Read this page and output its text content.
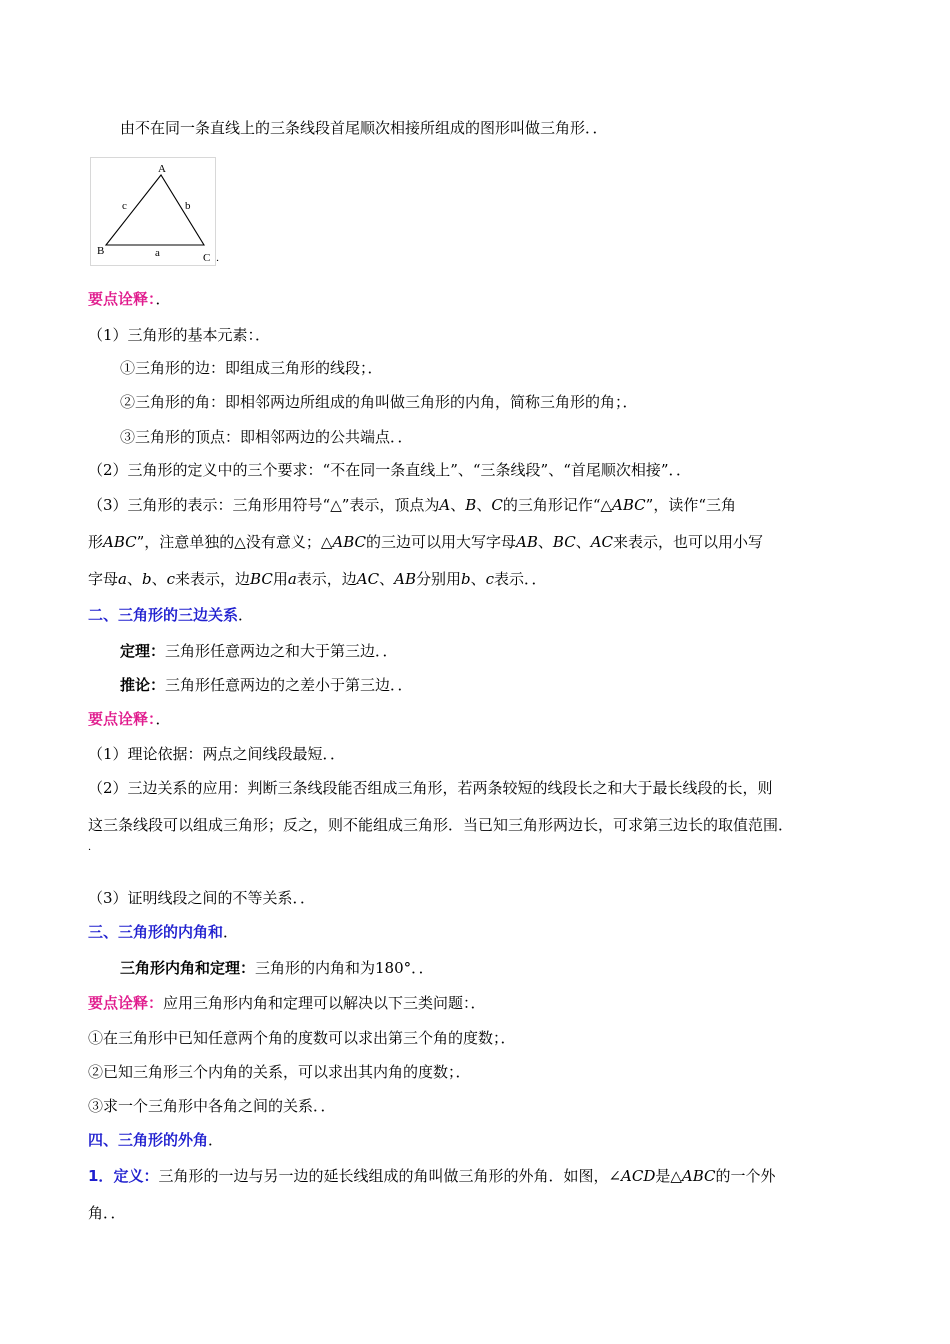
由不在同一条直线上的三条线段首尾顺次相接所组成的图形叫做三角形．．
A
B
C
a
b
c
．
要点诠释：．
（1）三角形的基本元素：．
①三角形的边：即组成三角形的线段；．
②三角形的角：即相邻两边所组成的角叫做三角形的内角，简称三角形的角；．
③三角形的顶点：即相邻两边的公共端点．．
（2）三角形的定义中的三个要求：“不在同一条直线上”、“三条线段”、“首尾顺次相接”．．
（3）三角形的表示：三角形用符号“△”表示，顶点为A、B、C的三角形记作“△ABC”，读作“三角
形ABC”，注意单独的△没有意义；△ABC的三边可以用大写字母AB、BC、AC来表示，也可以用小写
字母a、b、c来表示，边BC用a表示，边AC、AB分别用b、c表示．．
二、三角形的三边关系．
定理：三角形任意两边之和大于第三边．．
推论：三角形任意两边的之差小于第三边．．
要点诠释：．
（1）理论依据：两点之间线段最短．．
（2）三边关系的应用：判断三条线段能否组成三角形，若两条较短的线段长之和大于最长线段的长，则
这三条线段可以组成三角形；反之，则不能组成三角形．当已知三角形两边长，可求第三边长的取值范围．
．
（3）证明线段之间的不等关系．．
三、三角形的内角和．
三角形内角和定理：三角形的内角和为180°．．
要点诠释：应用三角形内角和定理可以解决以下三类问题：．
①在三角形中已知任意两个角的度数可以求出第三个角的度数；．
②已知三角形三个内角的关系，可以求出其内角的度数；．
③求一个三角形中各角之间的关系．．
四、三角形的外角．
1．定义：三角形的一边与另一边的延长线组成的角叫做三角形的外角．如图，∠ACD是△ABC的一个外
角．．
